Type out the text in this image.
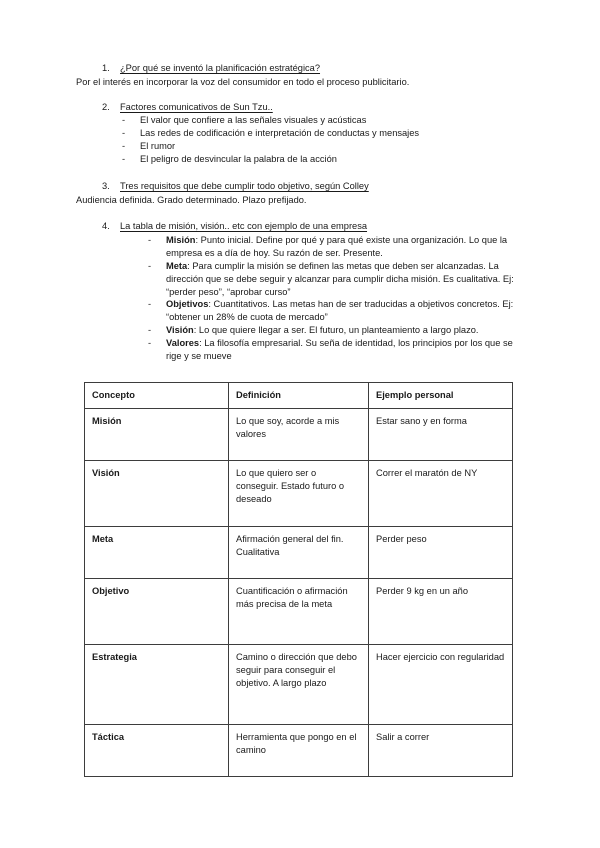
1.	¿Por qué se inventó la planificación estratégica?
Por el interés en incorporar la voz del consumidor en todo el proceso publicitario.
2.	Factores comunicativos de Sun Tzu..
-	El valor que confiere a las señales visuales y acústicas
-	Las redes de codificación e interpretación de conductas y mensajes
-	El rumor
-	El peligro de desvincular la palabra de la acción
3.	Tres requisitos que debe cumplir todo objetivo, según Colley
Audiencia definida. Grado determinado. Plazo prefijado.
4.	La tabla de misión, visión.. etc con ejemplo de una empresa
-	Misión: Punto inicial. Define por qué y para qué existe una organización. Lo que la empresa es a día de hoy. Su razón de ser. Presente.
-	Meta: Para cumplir la misión se definen las metas que deben ser alcanzadas. La dirección que se debe seguir y alcanzar para cumplir dicha misión. Es cualitativa. Ej: “perder peso”, “aprobar curso”
-	Objetivos: Cuantitativos. Las metas han de ser traducidas a objetivos concretos. Ej: “obtener un 28% de cuota de mercado”
-	Visión: Lo que quiere llegar a ser. El futuro, un planteamiento a largo plazo.
-	Valores: La filosofía empresarial. Su seña de identidad, los principios por los que se rige y se mueve
Concepto	Definición	Ejemplo personal
Misión	Lo que soy, acorde a mis valores	Estar sano y en forma
Visión	Lo que quiero ser o conseguir. Estado futuro o deseado	Correr el maratón de NY
Meta	Afirmación general del fin. Cualitativa	Perder peso
Objetivo	Cuantificación o afirmación más precisa de la meta	Perder 9 kg en un año
Estrategia	Camino o dirección que debo seguir para conseguir el objetivo. A largo plazo	Hacer ejercicio con regularidad
Táctica	Herramienta que pongo en el camino	Salir a correr
